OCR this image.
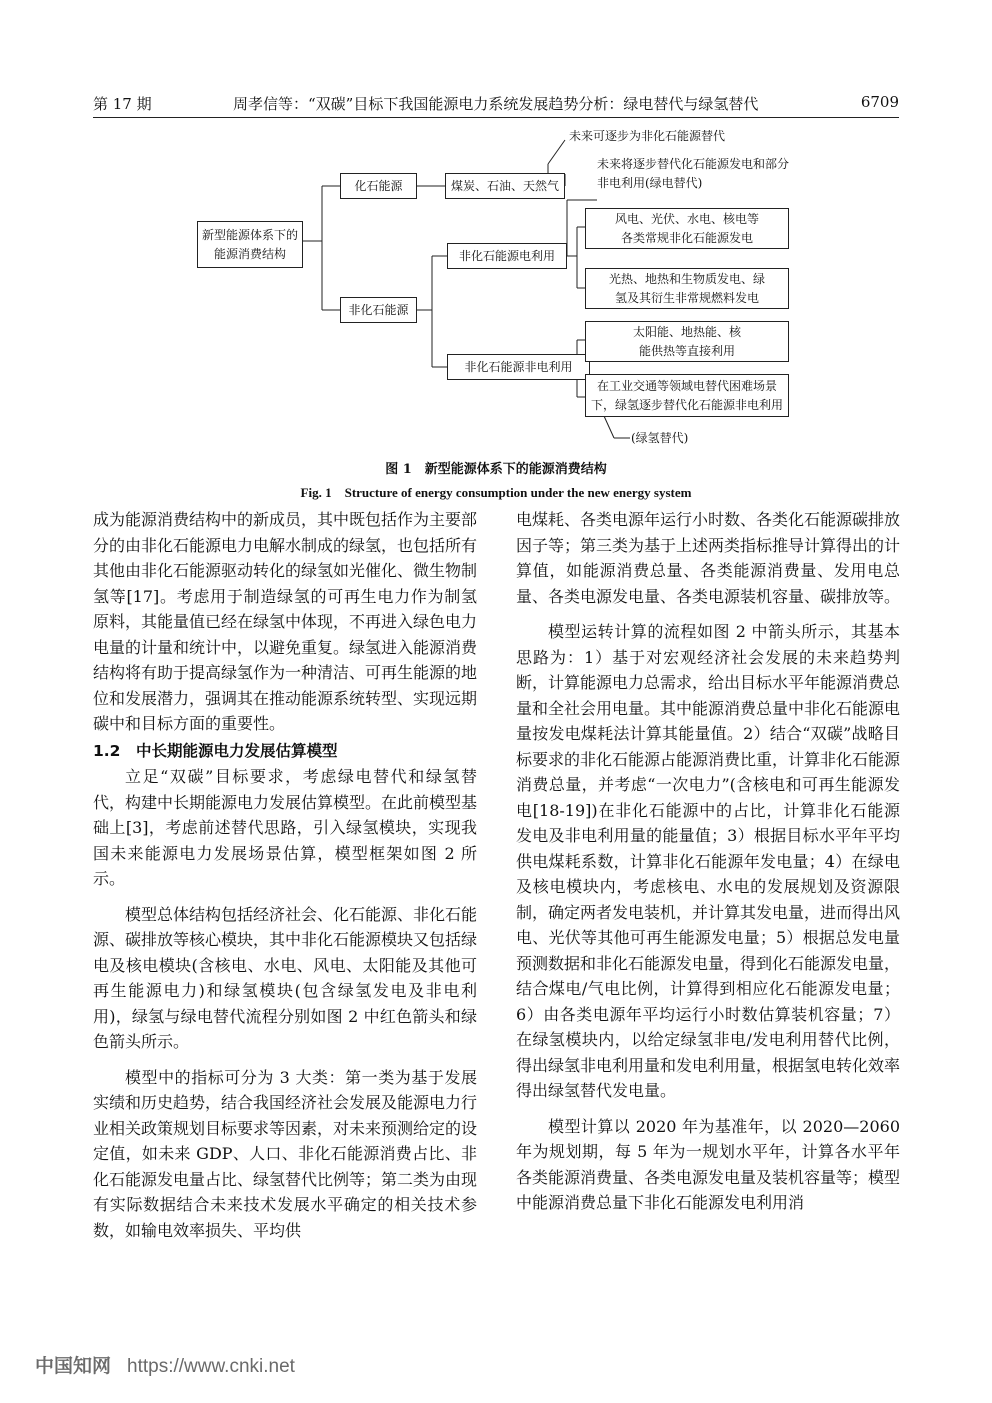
第 17 期	周孝信等：“双碳”目标下我国能源电力系统发展趋势分析：绿电替代与绿氢替代	6709
新型能源体系下的能源消费结构
化石能源	煤炭、石油、天然气
未来可逐步为非化石能源替代
未来将逐步替代化石能源发电和部分非电利用(绿电替代)
非化石能源
非化石能源电利用
非化石能源非电利用
风电、光伏、水电、核电等各类常规非化石能源发电
光热、地热和生物质发电、绿氢及其衍生非常规燃料发电
太阳能、地热能、核能供热等直接利用
在工业交通等领域电替代困难场景下，绿氢逐步替代化石能源非电利用
(绿氢替代)
图 1　新型能源体系下的能源消费结构
Fig. 1　Structure of energy consumption under the new energy system

成为能源消费结构中的新成员，其中既包括作为主要部分的由非化石能源电力电解水制成的绿氢，也包括所有其他由非化石能源驱动转化的绿氢如光催化、微生物制氢等[17]。考虑用于制造绿氢的可再生电力作为制氢原料，其能量值已经在绿氢中体现，不再进入绿色电力电量的计量和统计中，以避免重复。绿氢进入能源消费结构将有助于提高绿氢作为一种清洁、可再生能源的地位和发展潜力，强调其在推动能源系统转型、实现远期碳中和目标方面的重要性。

1.2　中长期能源电力发展估算模型

立足“双碳”目标要求，考虑绿电替代和绿氢替代，构建中长期能源电力发展估算模型。在此前模型基础上[3]，考虑前述替代思路，引入绿氢模块，实现我国未来能源电力发展场景估算，模型框架如图 2 所示。

模型总体结构包括经济社会、化石能源、非化石能源、碳排放等核心模块，其中非化石能源模块又包括绿电及核电模块(含核电、水电、风电、太阳能及其他可再生能源电力)和绿氢模块(包含绿氢发电及非电利用)，绿氢与绿电替代流程分别如图 2 中红色箭头和绿色箭头所示。

模型中的指标可分为 3 大类：第一类为基于发展实绩和历史趋势，结合我国经济社会发展及能源电力行业相关政策规划目标要求等因素，对未来预测给定的设定值，如未来 GDP、人口、非化石能源消费占比、非化石能源发电量占比、绿氢替代比例等；第二类为由现有实际数据结合未来技术发展水平确定的相关技术参数，如输电效率损失、平均供

电煤耗、各类电源年运行小时数、各类化石能源碳排放因子等；第三类为基于上述两类指标推导计算得出的计算值，如能源消费总量、各类能源消费量、发用电总量、各类电源发电量、各类电源装机容量、碳排放等。

模型运转计算的流程如图 2 中箭头所示，其基本思路为：1）基于对宏观经济社会发展的未来趋势判断，计算能源电力总需求，给出目标水平年能源消费总量和全社会用电量。其中能源消费总量中非化石能源电量按发电煤耗法计算其能量值。2）结合“双碳”战略目标要求的非化石能源占能源消费比重，计算非化石能源消费总量，并考虑“一次电力”(含核电和可再生能源发电[18-19])在非化石能源中的占比，计算非化石能源发电及非电利用量的能量值；3）根据目标水平年平均供电煤耗系数，计算非化石能源年发电量；4）在绿电及核电模块内，考虑核电、水电的发展规划及资源限制，确定两者发电装机，并计算其发电量，进而得出风电、光伏等其他可再生能源发电量；5）根据总发电量预测数据和非化石能源发电量，得到化石能源发电量，结合煤电/气电比例，计算得到相应化石能源发电量；6）由各类电源年平均运行小时数估算装机容量；7）在绿氢模块内，以给定绿氢非电/发电利用替代比例，得出绿氢非电利用量和发电利用量，根据氢电转化效率得出绿氢替代发电量。

模型计算以 2020 年为基准年，以 2020—2060 年为规划期，每 5 年为一规划水平年，计算各水平年各类能源消费量、各类电源发电量及装机容量等；模型中能源消费总量下非化石能源发电利用消

中国知网 https://www.cnki.net
